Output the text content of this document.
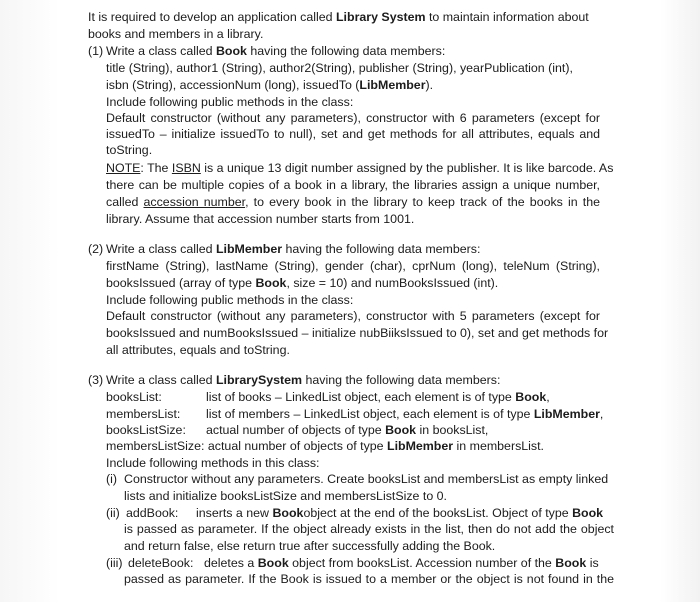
It is required to develop an application called Library System to maintain information about
books and members in a library.
(1) Write a class called Book having the following data members:
title (String), author1 (String), author2(String), publisher (String), yearPublication (int),
isbn (String), accessionNum (long), issuedTo (LibMember).
Include following public methods in the class:
Default constructor (without any parameters), constructor with 6 parameters (except for
issuedTo – initialize issuedTo to null), set and get methods for all attributes, equals and
toString.
NOTE: The ISBN is a unique 13 digit number assigned by the publisher. It is like barcode. As
there can be multiple copies of a book in a library, the libraries assign a unique number,
called accession number, to every book in the library to keep track of the books in the
library. Assume that accession number starts from 1001.
(2) Write a class called LibMember having the following data members:
firstName (String), lastName (String), gender (char), cprNum (long), teleNum (String),
booksIssued (array of type Book, size = 10) and numBooksIssued (int).
Include following public methods in the class:
Default constructor (without any parameters), constructor with 5 parameters (except for
booksIssued and numBooksIssued – initialize nubBiiksIssued to 0), set and get methods for
all attributes, equals and toString.
(3) Write a class called LibrarySystem having the following data members:
booksList:	list of books – LinkedList object, each element is of type Book,
membersList: list of members – LinkedList object, each element is of type LibMember,
booksListSize: actual number of objects of type Book in booksList,
membersListSize: actual number of objects of type LibMember in membersList.
Include following methods in this class:
(i) Constructor without any parameters. Create booksList and membersList as empty linked
lists and initialize booksListSize and membersListSize to 0.
(ii) addBook: inserts a new Bookobject at the end of the booksList. Object of type Book
is passed as parameter. If the object already exists in the list, then do not add the object
and return false, else return true after successfully adding the Book.
(iii) deleteBook: deletes a Book object from booksList. Accession number of the Book is
passed as parameter. If the Book is issued to a member or the object is not found in the
